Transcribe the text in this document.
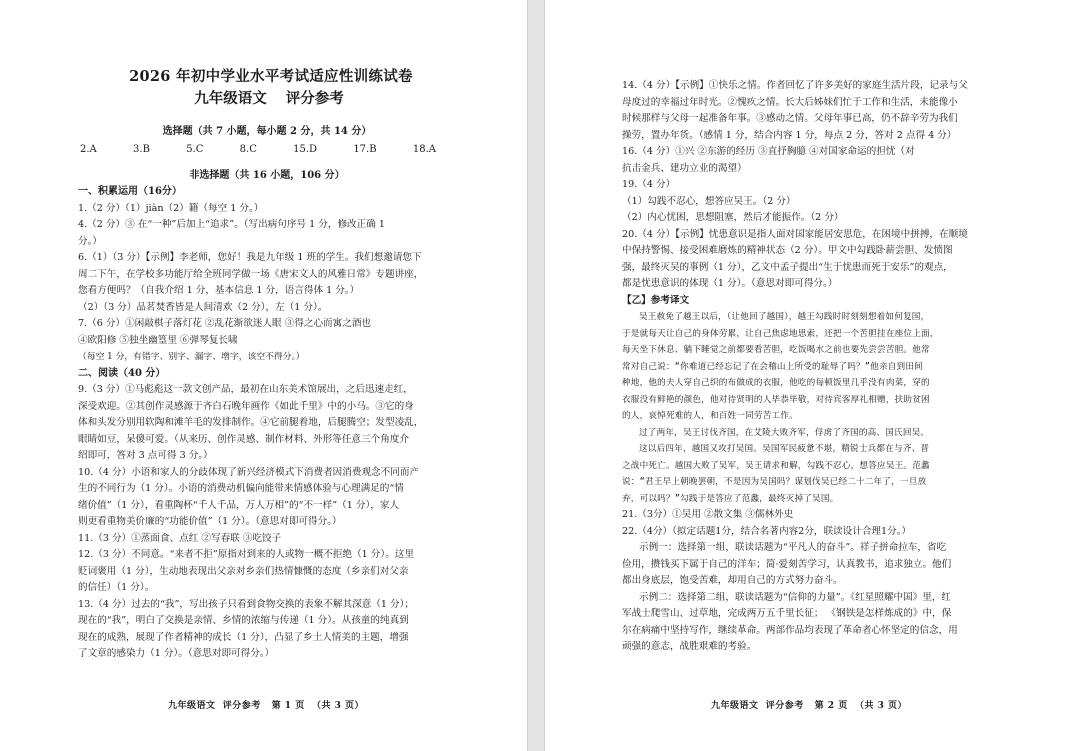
2026 年初中学业水平考试适应性训练试卷
九年级语文 评分参考
选择题（共 7 小题，每小题 2 分，共 14 分）
2.A	3.B	5.C	8.C	15.D	17.B	18.A
非选择题（共 16 小题，106 分）
一、积累运用（16分）
1.（2 分）（1）jiàn（2）籍（每空 1 分。）
4.（2 分）③ 在“一种”后加上“追求”。（写出病句序号 1 分，修改正确 1
分。）
6.（1）（3 分）【示例】李老师，您好！我是九年级 1 班的学生。我们想邀请您下
周二下午，在学校多功能厅给全班同学做一场《唐宋文人的风雅日常》专题讲座，
您看方便吗？（自我介绍 1 分，基本信息 1 分，语言得体 1 分。）
（2）（3 分）品茗焚香皆是人间清欢（2 分），左（1 分）。
7.（6 分）①闲敲棋子落灯花 ②乱花渐欲迷人眼 ③得之心而寓之酒也
④欧阳修 ⑤独坐幽篁里 ⑥弹琴复长啸
（每空 1 分，有错字、别字、漏字、增字，该空不得分。）
二、阅读（40 分）
9.（3 分）①马彪彪这一款文创产品，最初在山东美术馆展出，之后迅速走红，
深受欢迎。②其创作灵感源于齐白石晚年画作《如此千里》中的小马。③它的身
体和头发分别用软陶和滩羊毛的发排制作。④它前腿着地，后腿腾空；发型凌乱，
眼睛如豆，呆傻可爱。（从来历、创作灵感、制作材料、外形等任意三个角度介
绍即可，答对 3 点可得 3 分。）
10.（4 分）小语和家人的分歧体现了新兴经济模式下消费者因消费观念不同而产
生的不同行为（1 分）。小语的消费动机偏向能带来情感体验与心理满足的“情
绪价值”（1 分），看重陶杯“千人千品，万人万相”的“不一样”（1 分），家人
则更看重物美价廉的“功能价值”（1 分）。（意思对即可得分。）
11.（3 分）①蒸面食、点红 ②写春联 ③吃饺子
12.（3 分）不同意。“来者不拒”原指对到来的人或物一概不拒绝（1 分）。这里
贬词褒用（1 分），生动地表现出父亲对乡亲们热情慷慨的态度（乡亲们对父亲
的信任）（1 分）。
13.（4 分）过去的“我”，写出孩子只看到食物交换的表象不解其深意（1 分）；
现在的“我”，明白了交换是亲情、乡情的浓缩与传递（1 分）。从孩童的纯真到
现在的成熟，展现了作者精神的成长（1 分），凸显了乡土人情美的主题，增强
了文章的感染力（1 分）。（意思对即可得分。）
九年级语文  评分参考   第 1 页  （共 3 页）
14.（4 分）【示例】①快乐之情。作者回忆了许多美好的家庭生活片段，记录与父
母度过的幸福过年时光。②愧疚之情。长大后姊妹们忙于工作和生活，未能像小
时候那样与父母一起准备年事。③感动之情。父母年事已高，仍不辞辛劳为我们
操劳，置办年货。（感情 1 分，结合内容 1 分，每点 2 分，答对 2 点得 4 分）
16.（4 分）①兴 ②东游的经历 ③直抒胸臆 ④对国家命运的担忧（对
抗击金兵、建功立业的渴望）
19.（4 分）
（1）勾践不忍心，想答应吴王。（2 分）
（2）内心忧困，思想阻塞，然后才能振作。（2 分）
20.（4 分）【示例】忧患意识是指人面对国家能居安思危，在困境中拼搏，在顺境
中保持警惕、接受困难磨炼的精神状态（2 分）。甲文中勾践卧薪尝胆、发愤图
强，最终灭吴的事例（1 分），乙文中孟子提出“生于忧患而死于安乐”的观点，
都是忧患意识的体现（1 分）。（意思对即可得分。）
【乙】参考译文
吴王赦免了越王以后，（让他回了越国），越王勾践时时刻刻想着如何复国，
于是就每天让自己的身体劳累，让自己焦虑地思索，还把一个苦胆挂在座位上面，
每天坐下休息、躺下睡觉之前都要看苦胆，吃饭喝水之前也要先尝尝苦胆。他常
常对自己说：“你难道已经忘记了在会稽山上所受的耻辱了吗？”他亲自到田间
种地，他的夫人穿自己织的布做成的衣服，他吃的每顿饭里几乎没有肉菜，穿的
衣服没有鲜艳的颜色，他对待贤明的人毕恭毕敬，对待宾客厚礼相赠，扶助贫困
的人，哀悼死难的人，和百姓一同劳苦工作。
过了两年，吴王讨伐齐国，在艾陵大败齐军，俘虏了齐国的高、国氏回吴。
这以后四年，越国又攻打吴国。吴国军民疲惫不堪，精锐士兵都在与齐、晋
之战中死亡。越国大败了吴军，吴王请求和解，勾践不忍心，想答应吴王。范蠡
说：“君王早上朝晚罢朝，不是因为吴国吗？谋划伐吴已经二十二年了，一旦放
弃，可以吗？”勾践于是答应了范蠡，最终灭掉了吴国。
21.（3分）①吴用 ②散文集 ③儒林外史
22.（4分）（拟定话题1分，结合名著内容2分，联读设计合理1分。）
示例一：选择第一组，联读话题为“平凡人的奋斗”。祥子拼命拉车，省吃
俭用，攒钱买下属于自己的洋车；简·爱刻苦学习，认真教书，追求独立。他们
都出身底层，饱受苦难，却用自己的方式努力奋斗。
示例二：选择第二组，联读话题为“信仰的力量”。《红星照耀中国》里，红
军战士爬雪山、过草地，完成两万五千里长征； 《钢铁是怎样炼成的》中，保
尔在病痛中坚持写作，继续革命。两部作品均表现了革命者心怀坚定的信念，用
顽强的意志，战胜艰难的考验。
九年级语文  评分参考   第 2 页  （共 3 页）
